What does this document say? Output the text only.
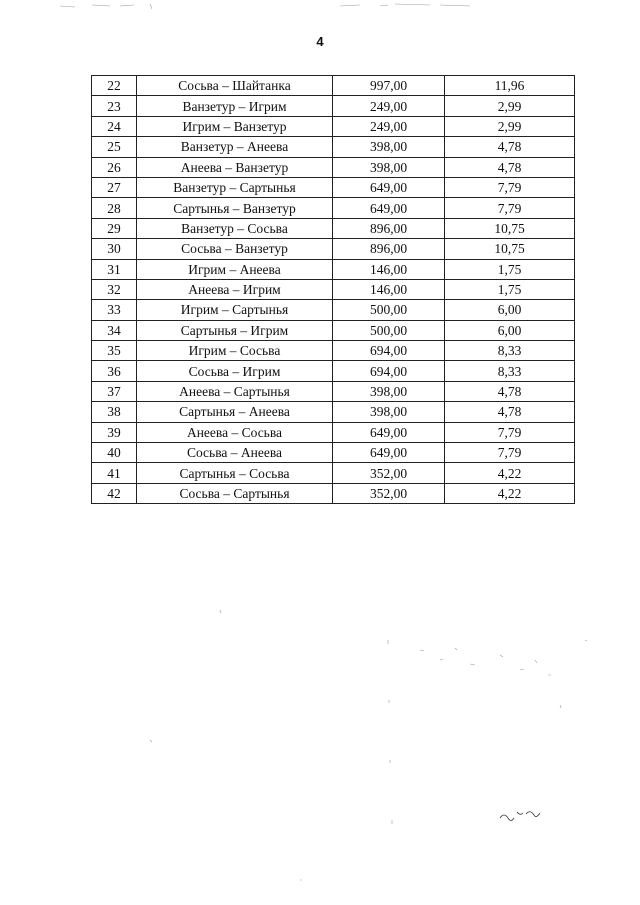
4
22	Сосьва – Шайтанка	997,00	11,96
23	Ванзетур – Игрим	249,00	2,99
24	Игрим – Ванзетур	249,00	2,99
25	Ванзетур – Анеева	398,00	4,78
26	Анеева – Ванзетур	398,00	4,78
27	Ванзетур – Сартынья	649,00	7,79
28	Сартынья – Ванзетур	649,00	7,79
29	Ванзетур – Сосьва	896,00	10,75
30	Сосьва – Ванзетур	896,00	10,75
31	Игрим – Анеева	146,00	1,75
32	Анеева – Игрим	146,00	1,75
33	Игрим – Сартынья	500,00	6,00
34	Сартынья – Игрим	500,00	6,00
35	Игрим – Сосьва	694,00	8,33
36	Сосьва – Игрим	694,00	8,33
37	Анеева – Сартынья	398,00	4,78
38	Сартынья – Анеева	398,00	4,78
39	Анеева – Сосьва	649,00	7,79
40	Сосьва – Анеева	649,00	7,79
41	Сартынья – Сосьва	352,00	4,22
42	Сосьва – Сартынья	352,00	4,22
